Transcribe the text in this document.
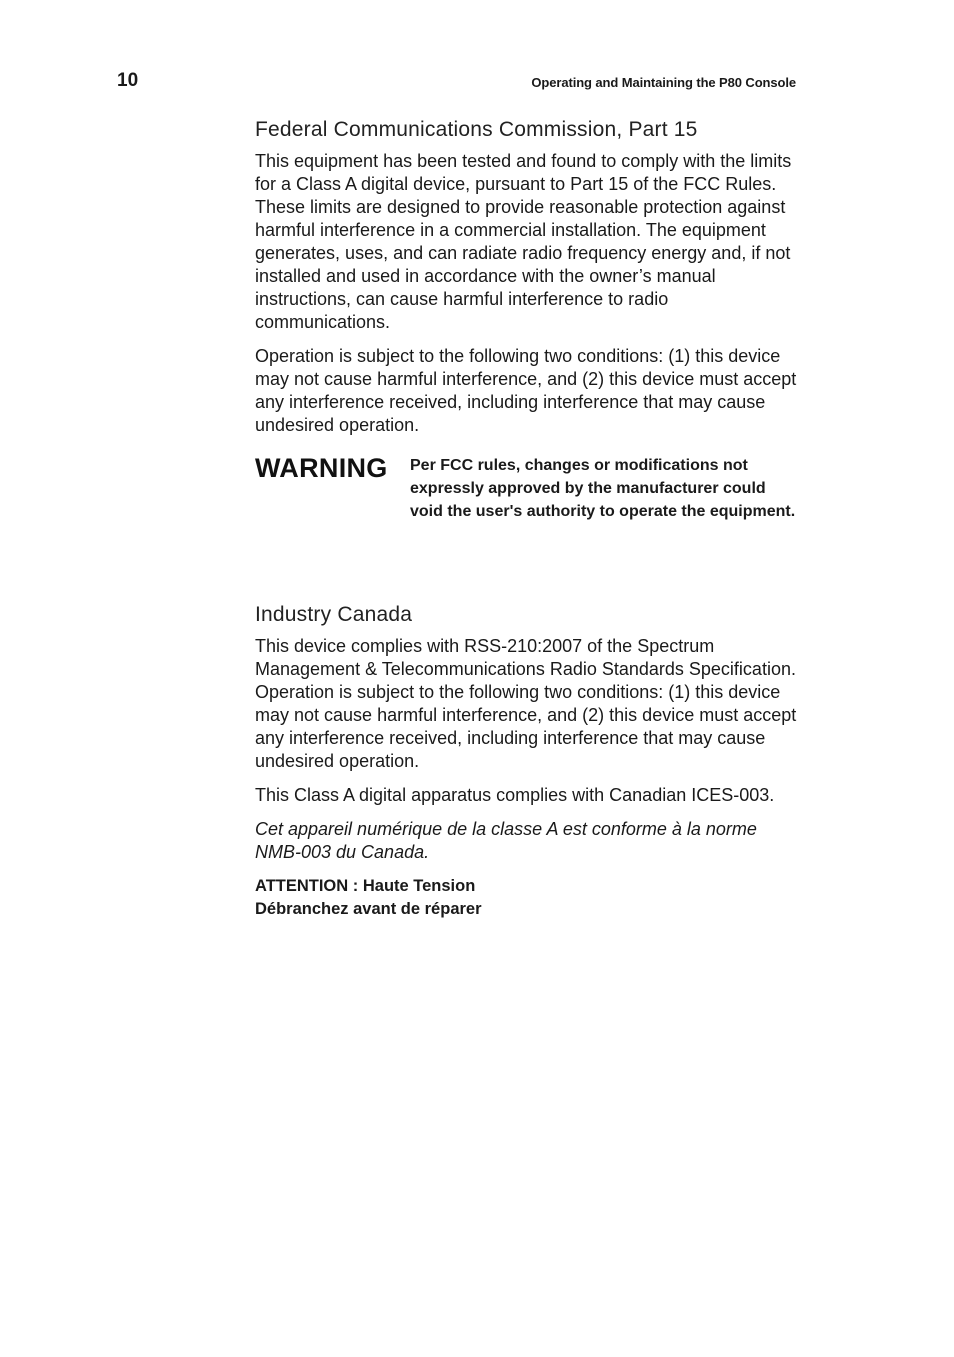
10	Operating and Maintaining the P80 Console
Federal Communications Commission, Part 15

This equipment has been tested and found to comply with the limits for a Class A digital device, pursuant to Part 15 of the FCC Rules. These limits are designed to provide reasonable protection against harmful interference in a commercial installation. The equipment generates, uses, and can radiate radio frequency energy and, if not installed and used in accordance with the owner’s manual instructions, can cause harmful interference to radio communications.

Operation is subject to the following two conditions: (1) this device may not cause harmful interference, and (2) this device must accept any interference received, including interference that may cause undesired operation.

WARNING	Per FCC rules, changes or modifications not expressly approved by the manufacturer could void the user's authority to operate the equipment.
Industry Canada

This device complies with RSS-210:2007 of the Spectrum Management & Telecommunications Radio Standards Specification. Operation is subject to the following two conditions: (1) this device may not cause harmful interference, and (2) this device must accept any interference received, including interference that may cause undesired operation.

This Class A digital apparatus complies with Canadian ICES-003.

Cet appareil numérique de la classe A est conforme à la norme NMB-003 du Canada.

ATTENTION : Haute Tension
Débranchez avant de réparer
